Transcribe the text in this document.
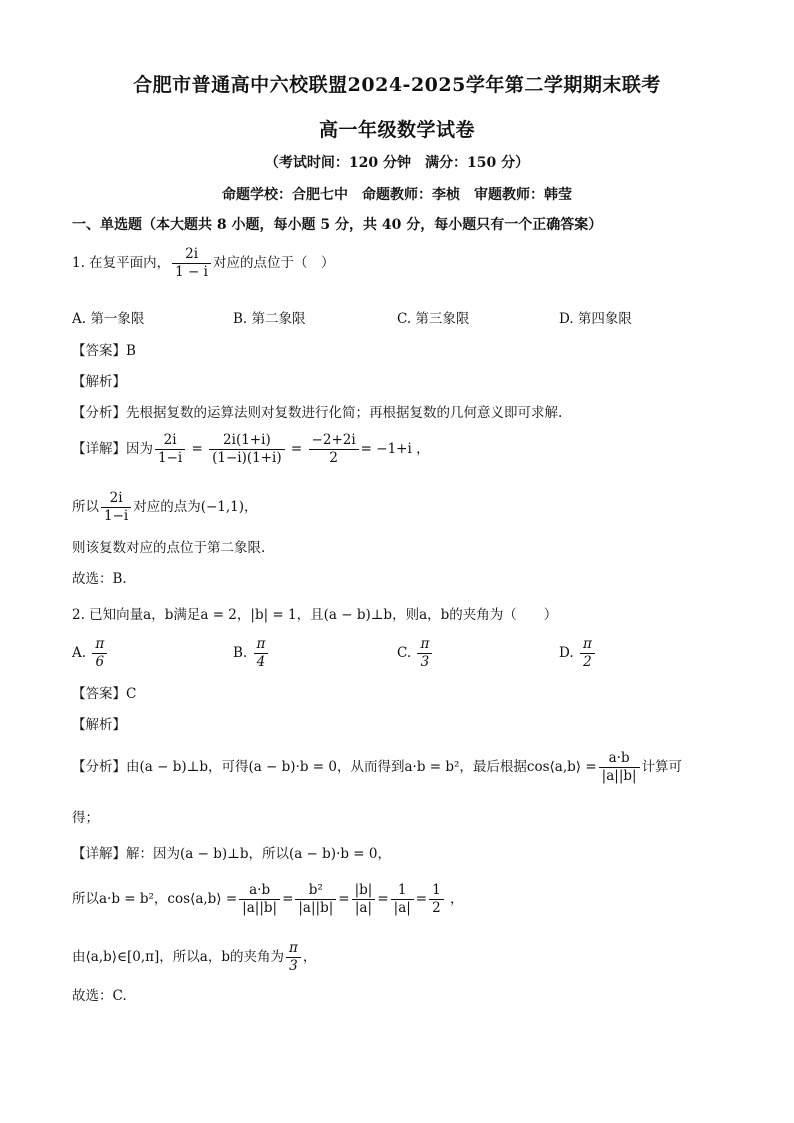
合肥市普通高中六校联盟2024-2025学年第二学期期末联考
高一年级数学试卷
（考试时间：120 分钟　满分：150 分）
命题学校：合肥七中　命题教师：李桢　审题教师：韩莹
一、单选题（本大题共 8 小题，每小题 5 分，共 40 分，每小题只有一个正确答案）
1. 在复平面内， $\frac{2i}{1 - i}$ 对应的点位于（　）
A. 第一象限	B. 第二象限	C. 第三象限	D. 第四象限
【答案】B
【解析】
【分析】先根据复数的运算法则对复数进行化简；再根据复数的几何意义即可求解.
【详解】因为 $\frac{2i}{1-i} = \frac{2i(1+i)}{(1-i)(1+i)} = \frac{-2+2i}{2} = -1+i$ ，
所以 $\frac{2i}{1-i}$ 对应的点为(−1,1)，
则该复数对应的点位于第二象限.
故选：B.
2. 已知向量a，b满足a = 2，|b| = 1，且(a − b)⊥b，则a，b的夹角为（　　）
A. $\frac{\pi}{6}$	B. $\frac{\pi}{4}$	C. $\frac{\pi}{3}$	D. $\frac{\pi}{2}$
【答案】C
【解析】
【分析】由(a − b)⊥b，可得(a − b)·b = 0，从而得到a·b = b²，最后根据cos⟨a,b⟩ = $\frac{a\cdot b}{|a||b|}$ 计算可
得；
【详解】解：因为(a − b)⊥b，所以(a − b)·b = 0，
所以a·b = b²，cos⟨a,b⟩ = $\frac{a\cdot b}{|a||b|} = \frac{\text{b²}}{|a||b|} = \frac{|b|}{|a|} = \frac{1}{|a|} = \frac{1}{2}$ ，
由⟨a,b⟩∈[0,π]，所以a，b的夹角为 $\frac{\pi}{3}$ ，
故选：C.
